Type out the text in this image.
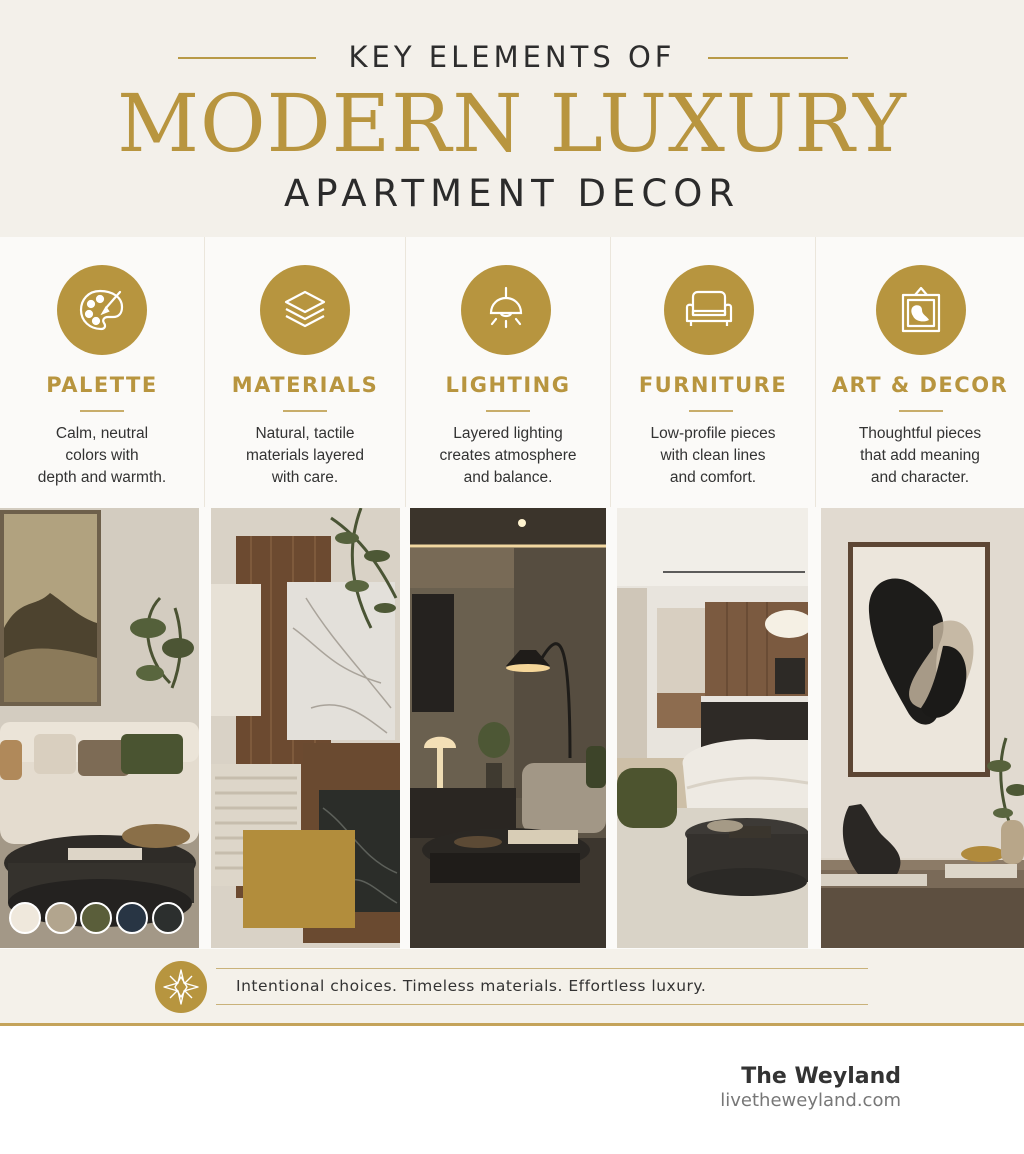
KEY ELEMENTS OF
MODERN LUXURY
APARTMENT DECOR
PALETTE
Calm, neutral
colors with
depth and warmth.
MATERIALS
Natural, tactile
materials layered
with care.
LIGHTING
Layered lighting
creates atmosphere
and balance.
FURNITURE
Low-profile pieces
with clean lines
and comfort.
ART & DECOR
Thoughtful pieces
that add meaning
and character.
Intentional choices. Timeless materials. Effortless luxury.
The Weyland
livetheweyland.com
